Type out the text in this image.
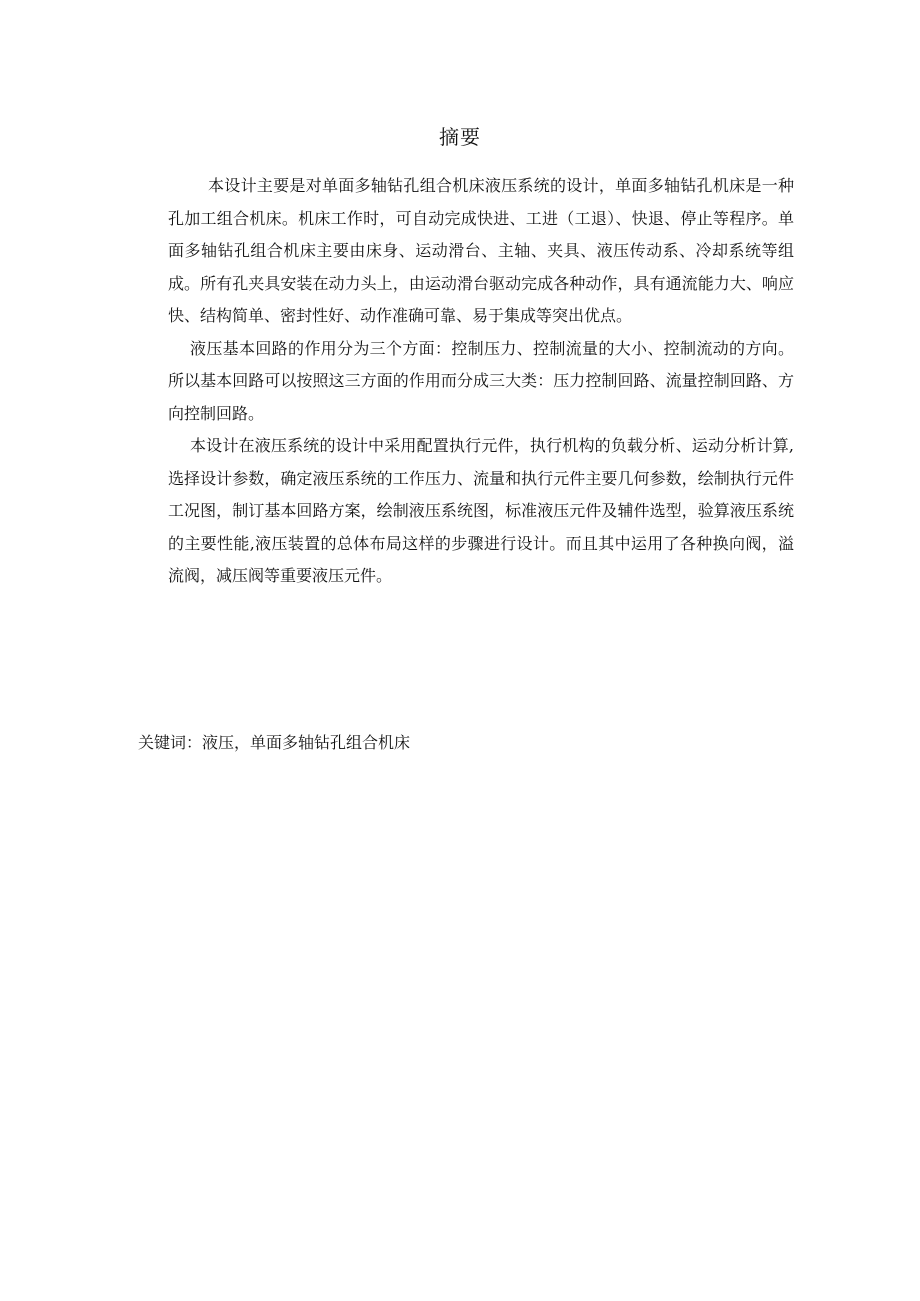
摘要

本设计主要是对单面多轴钻孔组合机床液压系统的设计，单面多轴钻孔机床是一种孔加工组合机床。机床工作时，可自动完成快进、工进（工退）、快退、停止等程序。单面多轴钻孔组合机床主要由床身、运动滑台、主轴、夹具、液压传动系、冷却系统等组成。所有孔夹具安装在动力头上，由运动滑台驱动完成各种动作，具有通流能力大、响应快、结构简单、密封性好、动作准确可靠、易于集成等突出优点。

液压基本回路的作用分为三个方面：控制压力、控制流量的大小、控制流动的方向。所以基本回路可以按照这三方面的作用而分成三大类：压力控制回路、流量控制回路、方向控制回路。

本设计在液压系统的设计中采用配置执行元件，执行机构的负载分析、运动分析计算,选择设计参数，确定液压系统的工作压力、流量和执行元件主要几何参数，绘制执行元件工况图，制订基本回路方案，绘制液压系统图，标准液压元件及辅件选型，验算液压系统的主要性能,液压装置的总体布局这样的步骤进行设计。而且其中运用了各种换向阀，溢流阀，减压阀等重要液压元件。

关键词：液压，单面多轴钻孔组合机床
